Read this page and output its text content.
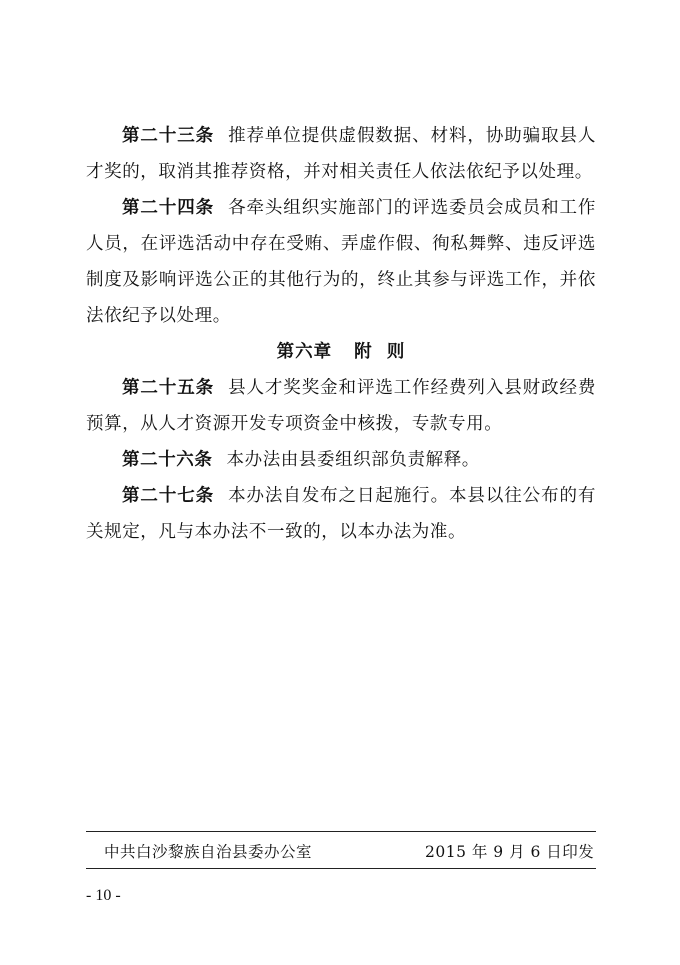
第二十三条 推荐单位提供虚假数据、材料，协助骗取县人才奖的，取消其推荐资格，并对相关责任人依法依纪予以处理。

第二十四条 各牵头组织实施部门的评选委员会成员和工作人员，在评选活动中存在受贿、弄虚作假、徇私舞弊、违反评选制度及影响评选公正的其他行为的，终止其参与评选工作，并依法依纪予以处理。

第六章 附  则

第二十五条 县人才奖奖金和评选工作经费列入县财政经费预算，从人才资源开发专项资金中核拨，专款专用。

第二十六条 本办法由县委组织部负责解释。

第二十七条 本办法自发布之日起施行。本县以往公布的有关规定，凡与本办法不一致的，以本办法为准。

中共白沙黎族自治县委办公室	2015 年 9 月 6 日印发
- 10 -
